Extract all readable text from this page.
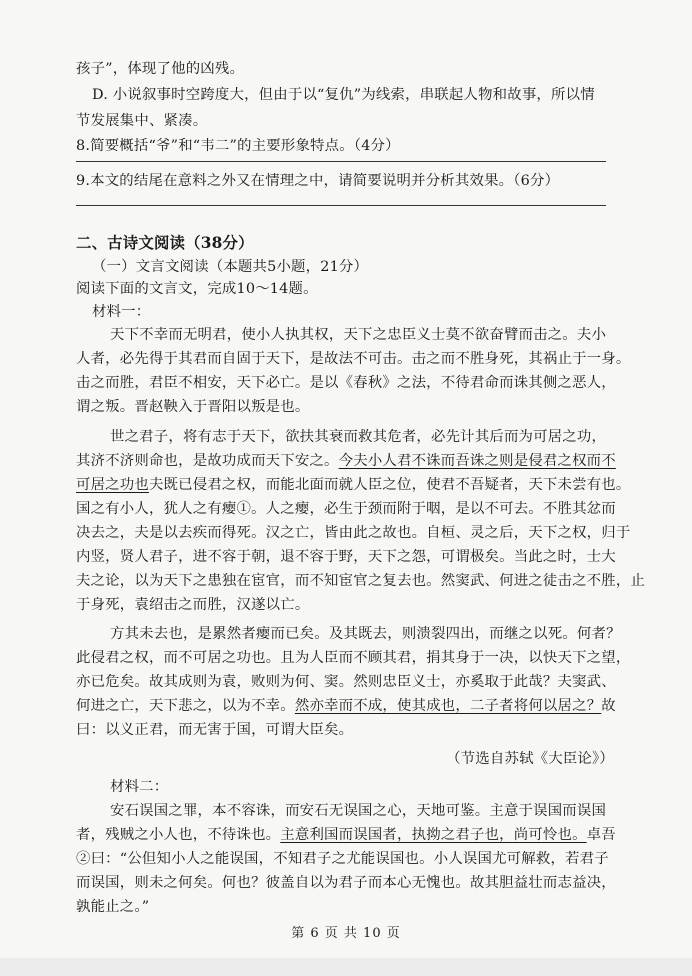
孩子”，体现了他的凶残。
D. 小说叙事时空跨度大，但由于以“复仇”为线索，串联起人物和故事，所以情
节发展集中、紧凑。
8.简要概括“爷”和“韦二”的主要形象特点。（4分）
9.本文的结尾在意料之外又在情理之中，请简要说明并分析其效果。（6分）
二、古诗文阅读（38分）
（一）文言文阅读（本题共5小题，21分）
阅读下面的文言文，完成10～14题。
材料一：
天下不幸而无明君，使小人执其权，天下之忠臣义士莫不欲奋臂而击之。夫小
人者，必先得于其君而自固于天下，是故法不可击。击之而不胜身死，其祸止于一身。
击之而胜，君臣不相安，天下必亡。是以《春秋》之法，不待君命而诛其侧之恶人，
谓之叛。晋赵鞅入于晋阳以叛是也。
世之君子，将有志于天下，欲扶其衰而救其危者，必先计其后而为可居之功，
其济不济则命也，是故功成而天下安之。今夫小人君不诛而吾诛之则是侵君之权而不
可居之功也夫既已侵君之权，而能北面而就人臣之位，使君不吾疑者，天下未尝有也。
国之有小人，犹人之有瘿①。人之瘿，必生于颈而附于咽，是以不可去。不胜其忿而
决去之，夫是以去疾而得死。汉之亡，皆由此之故也。自桓、灵之后，天下之权，归于
内竖，贤人君子，进不容于朝，退不容于野，天下之怨，可谓极矣。当此之时，士大
夫之论，以为天下之患独在宦官，而不知宦官之复去也。然窦武、何进之徒击之不胜，止
于身死，袁绍击之而胜，汉遂以亡。
方其未去也，是累然者瘿而已矣。及其既去，则溃裂四出，而继之以死。何者？
此侵君之权，而不可居之功也。且为人臣而不顾其君，捐其身于一决，以快天下之望，
亦已危矣。故其成则为袁，败则为何、窦。然则忠臣义士，亦奚取于此哉？夫窦武、
何进之亡，天下悲之，以为不幸。然亦幸而不成，使其成也，二子者将何以居之？故
曰：以义正君，而无害于国，可谓大臣矣。
（节选自苏轼《大臣论》）
材料二：
安石误国之罪，本不容诛，而安石无误国之心，天地可鉴。主意于误国而误国
者，残贼之小人也，不待诛也。主意利国而误国者，执拗之君子也，尚可怜也。卓吾
②曰：“公但知小人之能误国，不知君子之尤能误国也。小人误国尤可解救，若君子
而误国，则未之何矣。何也？彼盖自以为君子而本心无愧也。故其胆益壮而志益决，
孰能止之。”
第 6 页 共 10 页
